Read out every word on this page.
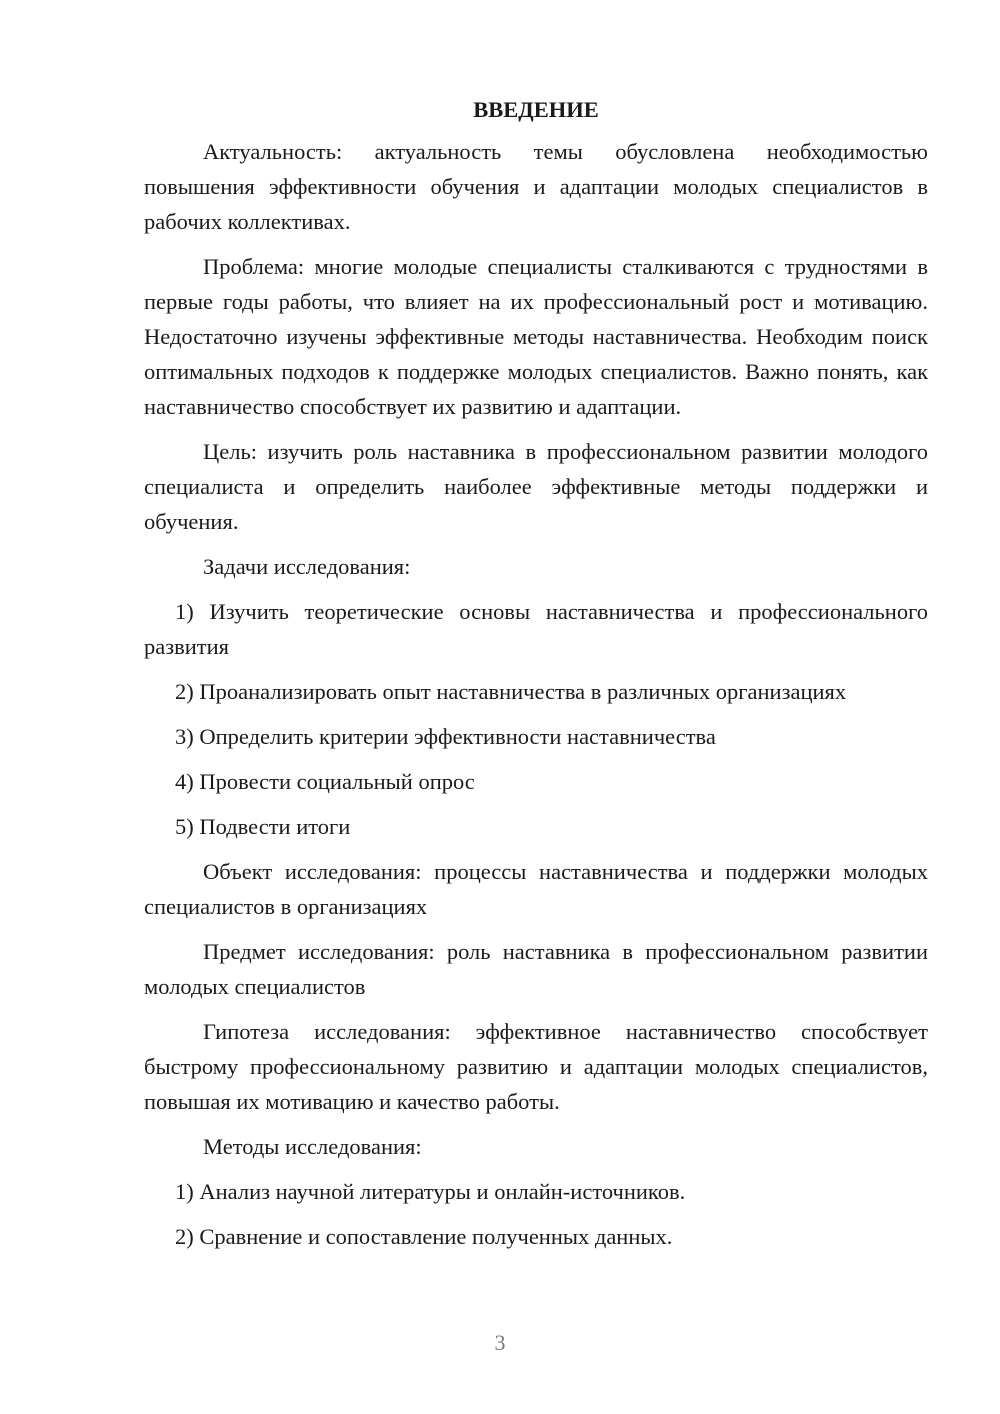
ВВЕДЕНИЕ

Актуальность: актуальность темы обусловлена необходимостью повышения эффективности обучения и адаптации молодых специалистов в рабочих коллективах.

Проблема: многие молодые специалисты сталкиваются с трудностями в первые годы работы, что влияет на их профессиональный рост и мотивацию. Недостаточно изучены эффективные методы наставничества. Необходим поиск оптимальных подходов к поддержке молодых специалистов. Важно понять, как наставничество способствует их развитию и адаптации.

Цель: изучить роль наставника в профессиональном развитии молодого специалиста и определить наиболее эффективные методы поддержки и обучения.

Задачи исследования:

1) Изучить теоретические основы наставничества и профессионального развития

2) Проанализировать опыт наставничества в различных организациях

3) Определить критерии эффективности наставничества

4) Провести социальный опрос

5) Подвести итоги

Объект исследования: процессы наставничества и поддержки молодых специалистов в организациях

Предмет исследования: роль наставника в профессиональном развитии молодых специалистов

Гипотеза исследования: эффективное наставничество способствует быстрому профессиональному развитию и адаптации молодых специалистов, повышая их мотивацию и качество работы.

Методы исследования:

1) Анализ научной литературы и онлайн-источников.

2) Сравнение и сопоставление полученных данных.

3
